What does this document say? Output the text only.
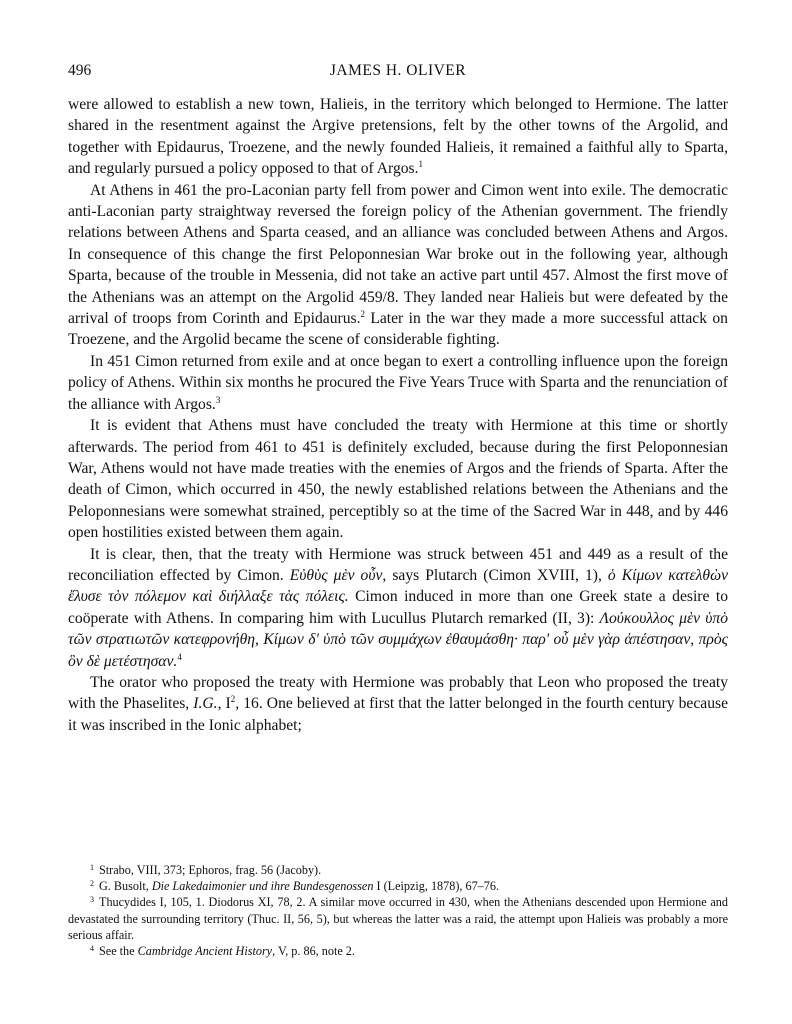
496	JAMES H. OLIVER

were allowed to establish a new town, Halieis, in the territory which belonged to Hermione. The latter shared in the resentment against the Argive pretensions, felt by the other towns of the Argolid, and together with Epidaurus, Troezene, and the newly founded Halieis, it remained a faithful ally to Sparta, and regularly pursued a policy opposed to that of Argos.$^1$

At Athens in 461 the pro-Laconian party fell from power and Cimon went into exile. The democratic anti-Laconian party straightway reversed the foreign policy of the Athenian government. The friendly relations between Athens and Sparta ceased, and an alliance was concluded between Athens and Argos. In consequence of this change the first Peloponnesian War broke out in the following year, although Sparta, because of the trouble in Messenia, did not take an active part until 457. Almost the first move of the Athenians was an attempt on the Argolid 459/8. They landed near Halieis but were defeated by the arrival of troops from Corinth and Epidaurus.$^2$ Later in the war they made a more successful attack on Troezene, and the Argolid became the scene of considerable fighting.

In 451 Cimon returned from exile and at once began to exert a controlling influence upon the foreign policy of Athens. Within six months he procured the Five Years Truce with Sparta and the renunciation of the alliance with Argos.$^3$

It is evident that Athens must have concluded the treaty with Hermione at this time or shortly afterwards. The period from 461 to 451 is definitely excluded, because during the first Peloponnesian War, Athens would not have made treaties with the enemies of Argos and the friends of Sparta. After the death of Cimon, which occurred in 450, the newly established relations between the Athenians and the Peloponnesians were somewhat strained, perceptibly so at the time of the Sacred War in 448, and by 446 open hostilities existed between them again.

It is clear, then, that the treaty with Hermione was struck between 451 and 449 as a result of the reconciliation effected by Cimon. Εὐθὺς μὲν οὖν, says Plutarch (Cimon XVIII, 1), ὁ Κίμων κατελθὼν ἔλυσε τὸν πόλεμον καὶ διήλλαξε τὰς πόλεις. Cimon induced in more than one Greek state a desire to coöperate with Athens. In comparing him with Lucullus Plutarch remarked (II, 3): Λούκουλλος μὲν ὑπὸ τῶν στρατιωτῶν κατεφρονήθη, Κίμων δ' ὑπὸ τῶν συμμάχων ἐθαυμάσθη· παρ' οὗ μὲν γὰρ ἀπέστησαν, πρὸς ὃν δὲ μετέστησαν.$^4$

The orator who proposed the treaty with Hermione was probably that Leon who proposed the treaty with the Phaselites, I.G., $I^2$, 16. One believed at first that the latter belonged in the fourth century because it was inscribed in the Ionic alphabet;

$^1$ Strabo, VIII, 373; Ephoros, frag. 56 (Jacoby).

$^2$ G. Busolt, Die Lakedaimonier und ihre Bundesgenossen I (Leipzig, 1878), 67–76.

$^3$ Thucydides I, 105, 1. Diodorus XI, 78, 2. A similar move occurred in 430, when the Athenians descended upon Hermione and devastated the surrounding territory (Thuc. II, 56, 5), but whereas the latter was a raid, the attempt upon Halieis was probably a more serious affair.

$^4$ See the Cambridge Ancient History, V, p. 86, note 2.
